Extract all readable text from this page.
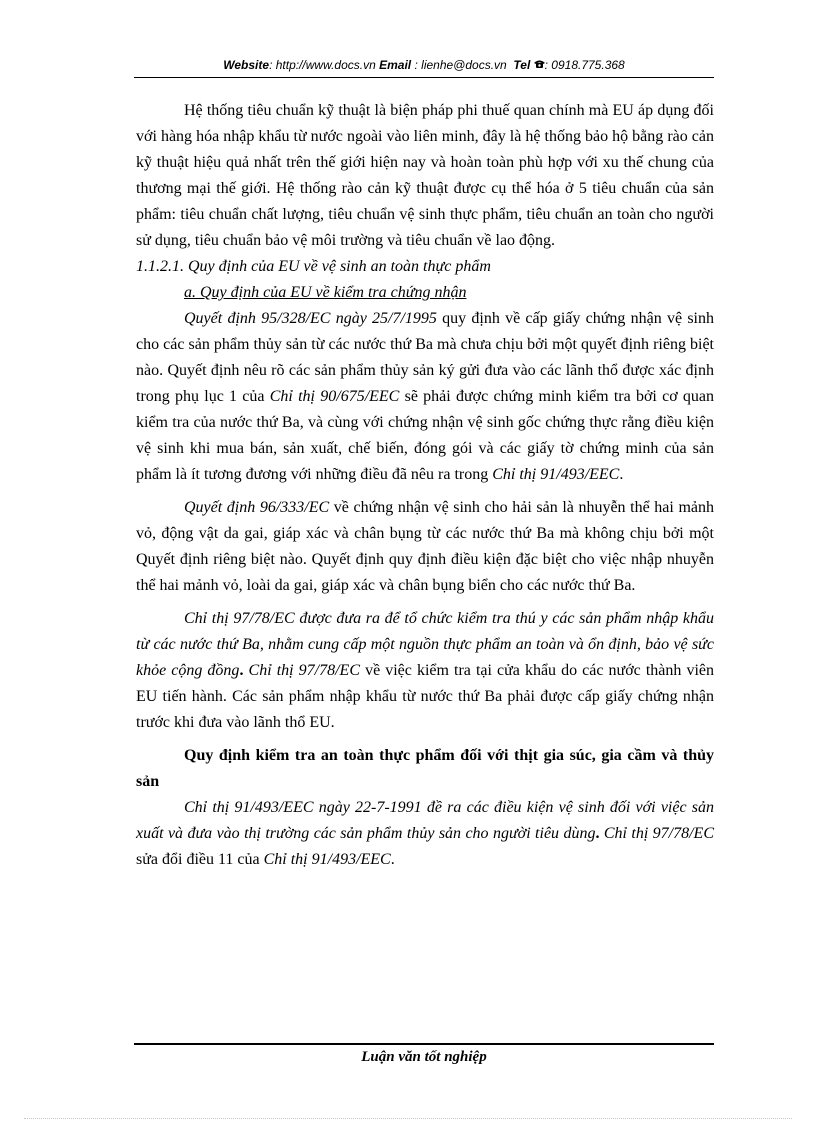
Website: http://www.docs.vn Email : lienhe@docs.vn Tel : 0918.775.368

Hệ thống tiêu chuẩn kỹ thuật là biện pháp phi thuế quan chính mà EU áp dụng đối với hàng hóa nhập khẩu từ nước ngoài vào liên minh, đây là hệ thống bảo hộ bằng rào cản kỹ thuật hiệu quả nhất trên thế giới hiện nay và hoàn toàn phù hợp với xu thế chung của thương mại thế giới. Hệ thống rào cản kỹ thuật được cụ thể hóa ở 5 tiêu chuẩn của sản phẩm: tiêu chuẩn chất lượng, tiêu chuẩn vệ sinh thực phẩm, tiêu chuẩn an toàn cho người sử dụng, tiêu chuẩn bảo vệ môi trường và tiêu chuẩn về lao động.

1.1.2.1. Quy định của EU về vệ sinh an toàn thực phẩm

a. Quy định của EU về kiểm tra chứng nhận

Quyết định 95/328/EC ngày 25/7/1995 quy định về cấp giấy chứng nhận vệ sinh cho các sản phẩm thủy sản từ các nước thứ Ba mà chưa chịu bởi một quyết định riêng biệt nào. Quyết định nêu rõ các sản phẩm thủy sản ký gửi đưa vào các lãnh thổ được xác định trong phụ lục 1 của Chỉ thị 90/675/EEC sẽ phải được chứng minh kiểm tra bởi cơ quan kiểm tra của nước thứ Ba, và cùng với chứng nhận vệ sinh gốc chứng thực rằng điều kiện vệ sinh khi mua bán, sản xuất, chế biến, đóng gói và các giấy tờ chứng minh của sản phẩm là ít tương đương với những điều đã nêu ra trong Chỉ thị 91/493/EEC.

Quyết định 96/333/EC về chứng nhận vệ sinh cho hải sản là nhuyễn thể hai mảnh vỏ, động vật da gai, giáp xác và chân bụng từ các nước thứ Ba mà không chịu bởi một Quyết định riêng biệt nào. Quyết định quy định điều kiện đặc biệt cho việc nhập nhuyễn thể hai mảnh vỏ, loài da gai, giáp xác và chân bụng biển cho các nước thứ Ba.

Chỉ thị 97/78/EC được đưa ra để tổ chức kiểm tra thú y các sản phẩm nhập khẩu từ các nước thứ Ba, nhằm cung cấp một nguồn thực phẩm an toàn và ổn định, bảo vệ sức khỏe cộng đồng. Chỉ thị 97/78/EC về việc kiểm tra tại cửa khẩu do các nước thành viên EU tiến hành. Các sản phẩm nhập khẩu từ nước thứ Ba phải được cấp giấy chứng nhận trước khi đưa vào lãnh thổ EU.

Quy định kiểm tra an toàn thực phẩm đối với thịt gia súc, gia cầm và thủy sản

Chỉ thị 91/493/EEC ngày 22-7-1991 đề ra các điều kiện vệ sinh đối với việc sản xuất và đưa vào thị trường các sản phẩm thủy sản cho người tiêu dùng. Chỉ thị 97/78/EC sửa đổi điều 11 của Chỉ thị 91/493/EEC.

Luận văn tốt nghiệp
